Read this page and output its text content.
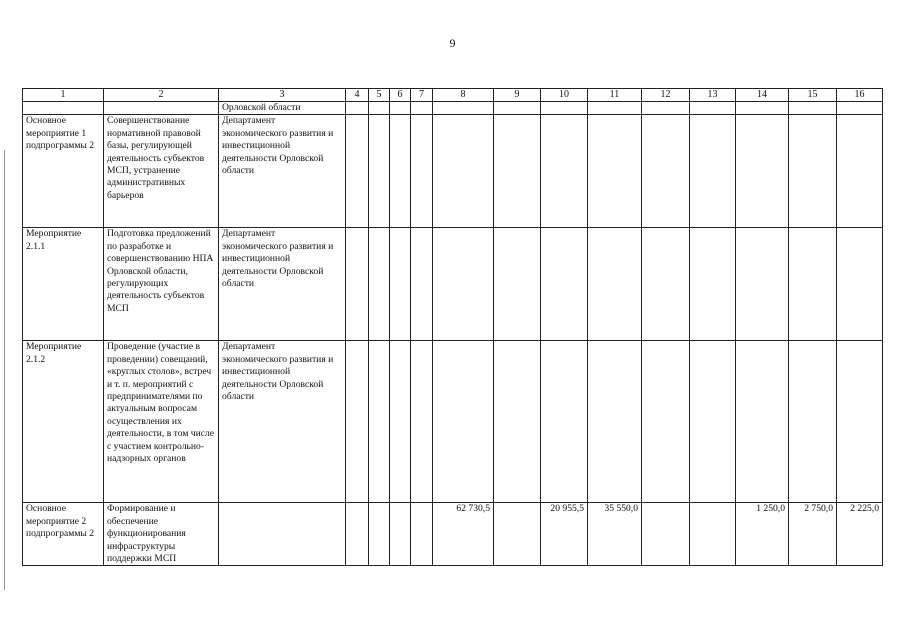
9
1	2	3	4	5	6	7	8	9	10	11	12	13	14	15	16
		Орловской области													
Основное мероприятие 1 подпрограммы 2	Совершенствование нормативной правовой базы, регулирующей деятельность субъектов МСП, устранение административных барьеров	Департамент экономического развития и инвестиционной деятельности Орловской области													
Мероприятие 2.1.1	Подготовка предложений по разработке и совершенствованию НПА Орловской области, регулирующих деятельность субъектов МСП	Департамент экономического развития и инвестиционной деятельности Орловской области													
Мероприятие 2.1.2	Проведение (участие в проведении) совещаний, «круглых столов», встреч и т. п. мероприятий с предпринимателями по актуальным вопросам осуществления их деятельности, в том числе с участием контрольно-надзорных органов	Департамент экономического развития и инвестиционной деятельности Орловской области													
Основное мероприятие 2 подпрограммы 2	Формирование и обеспечение функционирования инфраструктуры поддержки МСП						62 730,5		20 955,5	35 550,0			1 250,0	2 750,0	2 225,0
